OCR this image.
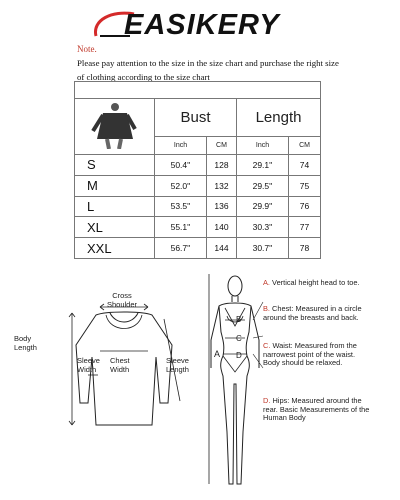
EASIKERY
Note.
Please pay attention to the size in the size chart and purchase the right size of clothing according to the size chart

	Bust		Length	
	Inch	CM	Inch	CM
S	50.4''	128	29.1''	74
M	52.0''	132	29.5''	75
L	53.5''	136	29.9''	76
XL	55.1''	140	30.3''	77
XXL	56.7''	144	30.7''	78
Cross
Shoulder
Body
Length
Sleeve
Width
Chest
Width
Sleeve
Length
A
B
C
D
A. Vertical height head to toe.
B. Chest: Measured in a circle around the breasts and back.
C. Waist: Measured from the narrowest point of the waist. Body should be relaxed.
D. Hips: Measured around the rear. Basic Measurements of the Human Body
